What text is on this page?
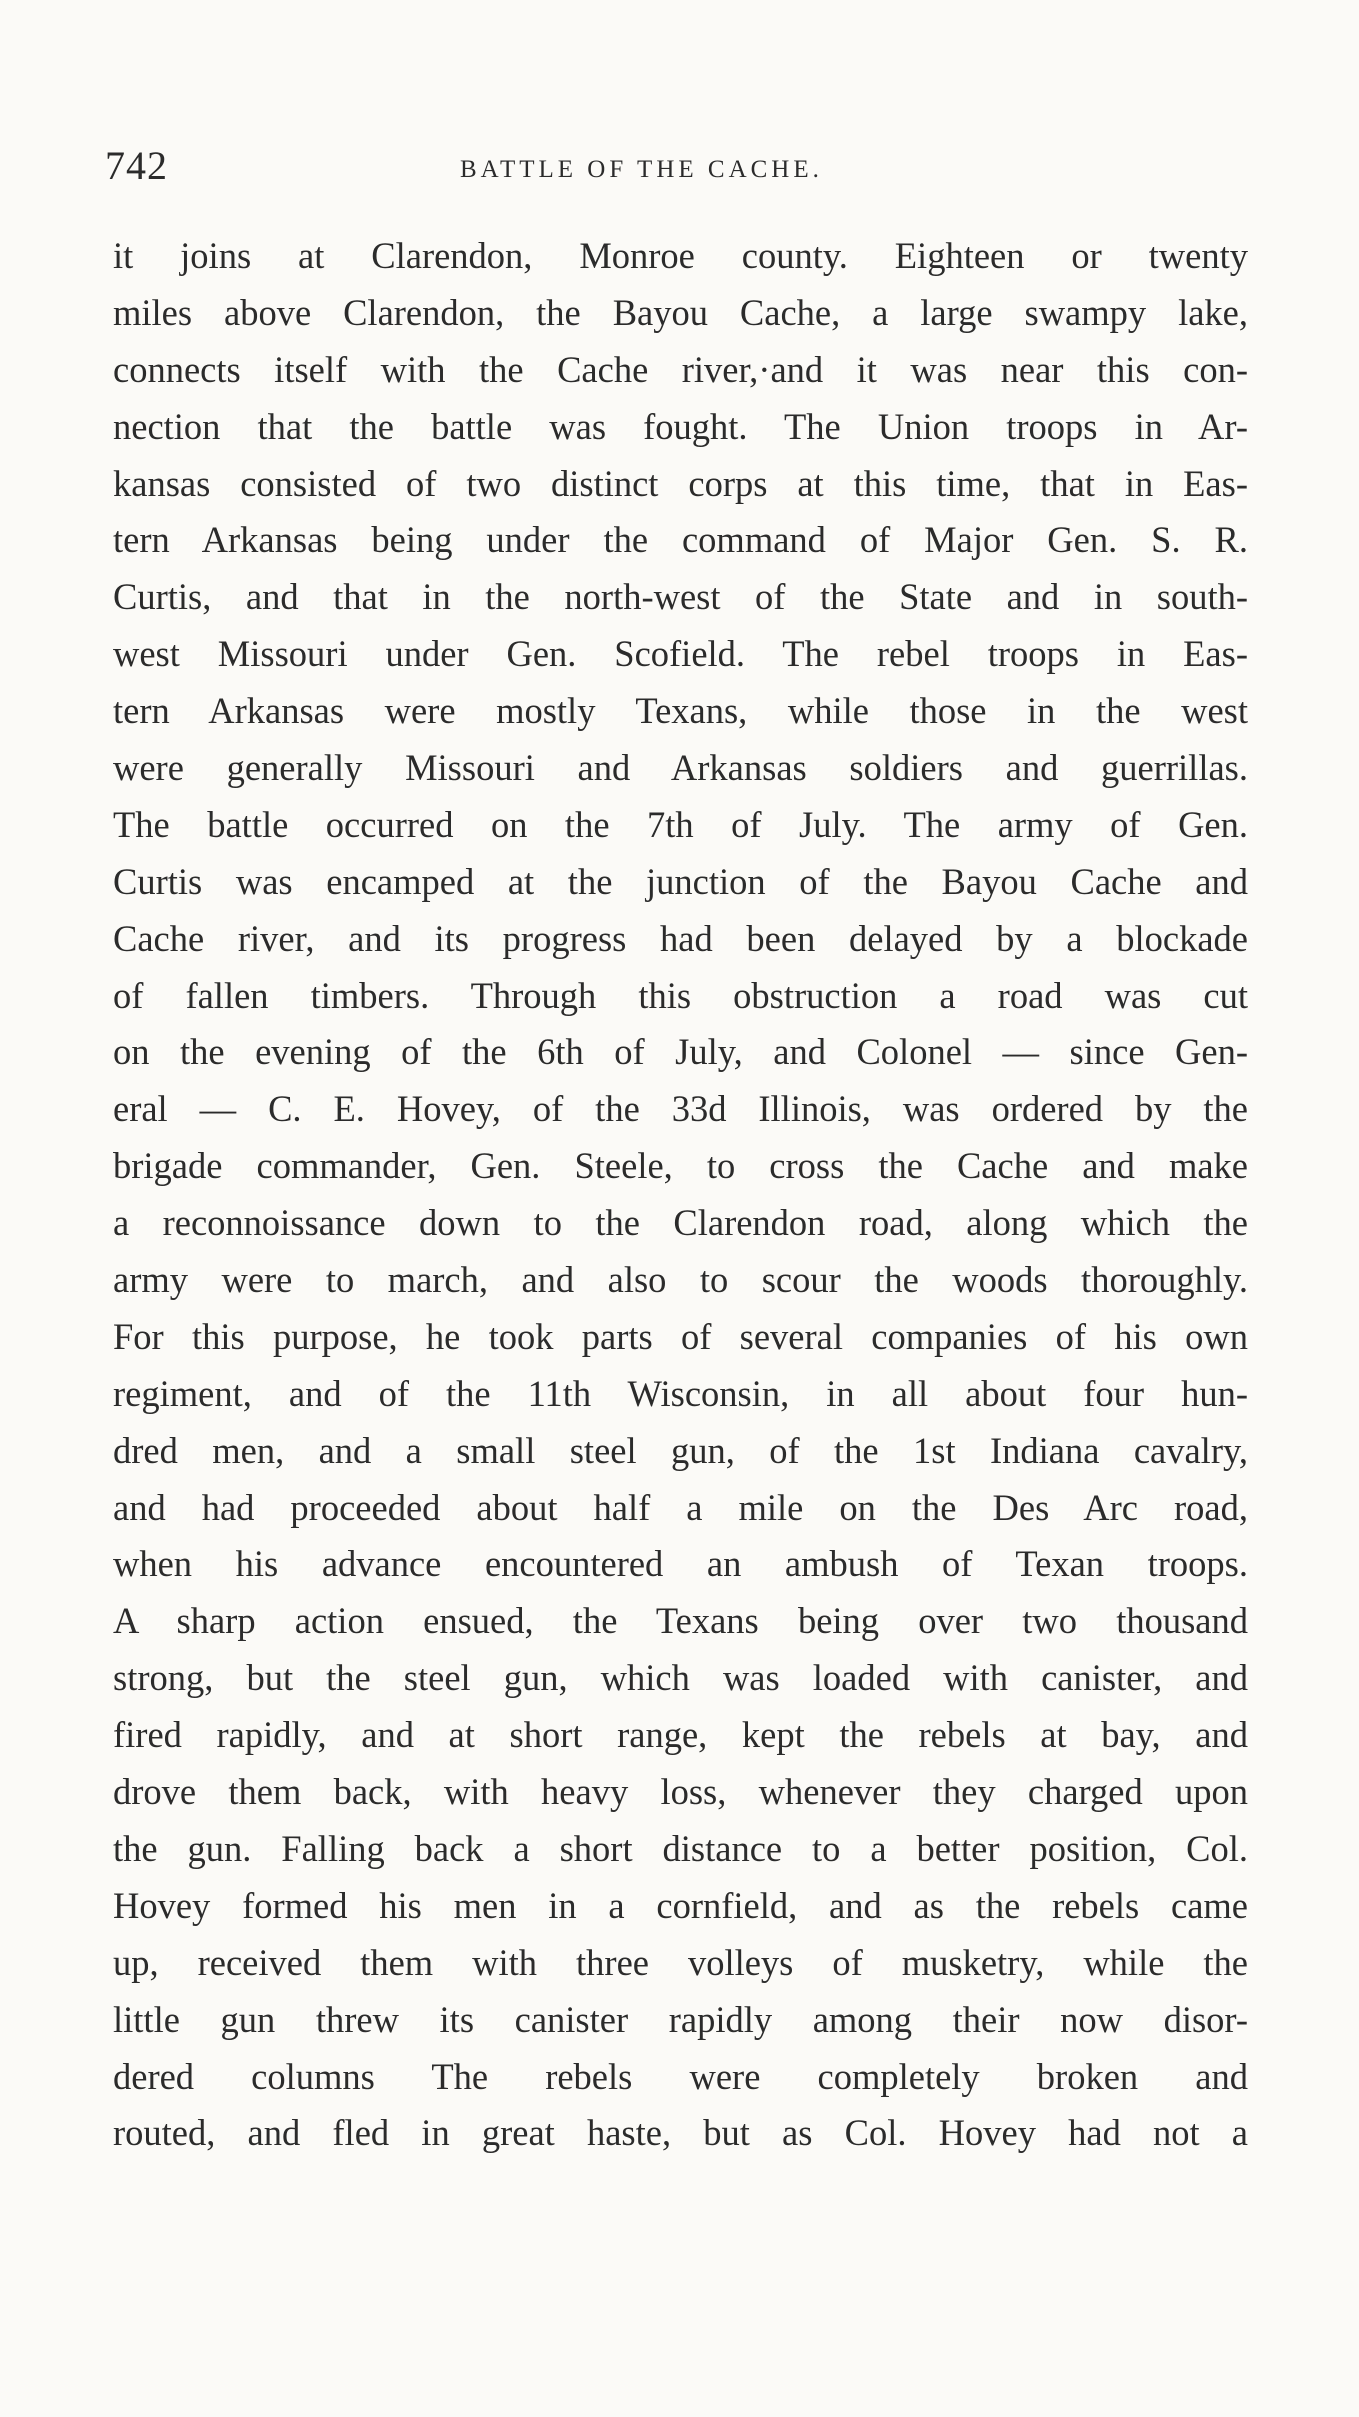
742	BATTLE OF THE CACHE.
it joins at Clarendon, Monroe county. Eighteen or twenty
miles above Clarendon, the Bayou Cache, a large swampy lake,
connects itself with the Cache river,·and it was near this con-
nection that the battle was fought. The Union troops in Ar-
kansas consisted of two distinct corps at this time, that in Eas-
tern Arkansas being under the command of Major Gen. S. R.
Curtis, and that in the north-west of the State and in south-
west Missouri under Gen. Scofield. The rebel troops in Eas-
tern Arkansas were mostly Texans, while those in the west
were generally Missouri and Arkansas soldiers and guerrillas.
The battle occurred on the 7th of July. The army of Gen.
Curtis was encamped at the junction of the Bayou Cache and
Cache river, and its progress had been delayed by a blockade
of fallen timbers. Through this obstruction a road was cut
on the evening of the 6th of July, and Colonel — since Gen-
eral — C. E. Hovey, of the 33d Illinois, was ordered by the
brigade commander, Gen. Steele, to cross the Cache and make
a reconnoissance down to the Clarendon road, along which the
army were to march, and also to scour the woods thoroughly.
For this purpose, he took parts of several companies of his own
regiment, and of the 11th Wisconsin, in all about four hun-
dred men, and a small steel gun, of the 1st Indiana cavalry,
and had proceeded about half a mile on the Des Arc road,
when his advance encountered an ambush of Texan troops.
A sharp action ensued, the Texans being over two thousand
strong, but the steel gun, which was loaded with canister, and
fired rapidly, and at short range, kept the rebels at bay, and
drove them back, with heavy loss, whenever they charged upon
the gun. Falling back a short distance to a better position, Col.
Hovey formed his men in a cornfield, and as the rebels came
up, received them with three volleys of musketry, while the
little gun threw its canister rapidly among their now disor-
dered columns The rebels were completely broken and
routed, and fled in great haste, but as Col. Hovey had not a
